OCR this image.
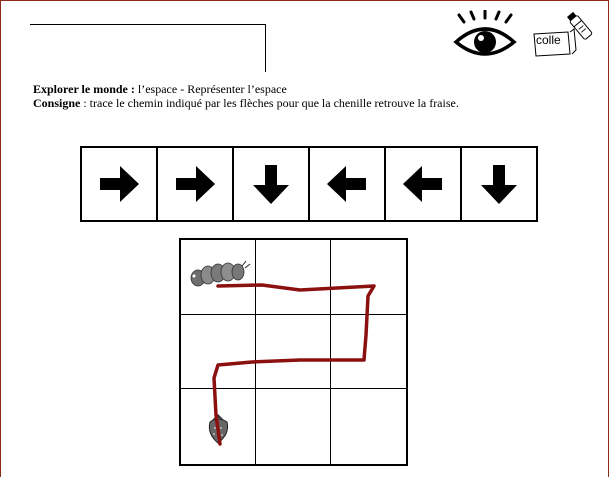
colle

Explorer le monde : l’espace - Représenter l’espace

Consigne : trace le chemin indiqué par les flèches pour que la chenille retrouve la fraise.
